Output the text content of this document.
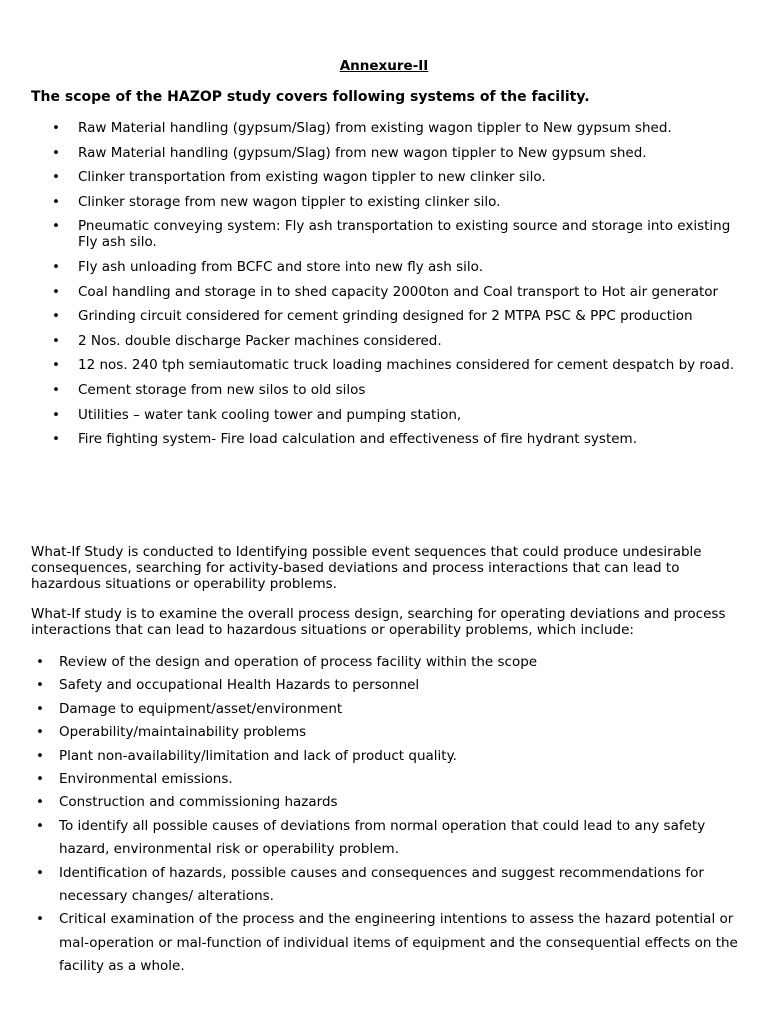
Annexure-II
The scope of the HAZOP study covers following systems of the facility.
• Raw Material handling (gypsum/Slag) from existing wagon tippler to New gypsum shed.
• Raw Material handling (gypsum/Slag) from new wagon tippler to New gypsum shed.
• Clinker transportation from existing wagon tippler to new clinker silo.
• Clinker storage from new wagon tippler to existing clinker silo.
• Pneumatic conveying system: Fly ash transportation to existing source and storage into existing Fly ash silo.
• Fly ash unloading from BCFC and store into new fly ash silo.
• Coal handling and storage in to shed capacity 2000ton and Coal transport to Hot air generator
• Grinding circuit considered for cement grinding designed for 2 MTPA PSC & PPC production
• 2 Nos. double discharge Packer machines considered.
• 12 nos. 240 tph semiautomatic truck loading machines considered for cement despatch by road.
• Cement storage from new silos to old silos
• Utilities – water tank cooling tower and pumping station,
• Fire fighting system- Fire load calculation and effectiveness of fire hydrant system.

What-If Study is conducted to Identifying possible event sequences that could produce undesirable consequences, searching for activity-based deviations and process interactions that can lead to hazardous situations or operability problems.

What-If study is to examine the overall process design, searching for operating deviations and process interactions that can lead to hazardous situations or operability problems, which include:

• Review of the design and operation of process facility within the scope
• Safety and occupational Health Hazards to personnel
• Damage to equipment/asset/environment
• Operability/maintainability problems
• Plant non-availability/limitation and lack of product quality.
• Environmental emissions.
• Construction and commissioning hazards
• To identify all possible causes of deviations from normal operation that could lead to any safety hazard, environmental risk or operability problem.
• Identification of hazards, possible causes and consequences and suggest recommendations for necessary changes/ alterations.
• Critical examination of the process and the engineering intentions to assess the hazard potential or mal-operation or mal-function of individual items of equipment and the consequential effects on the facility as a whole.
